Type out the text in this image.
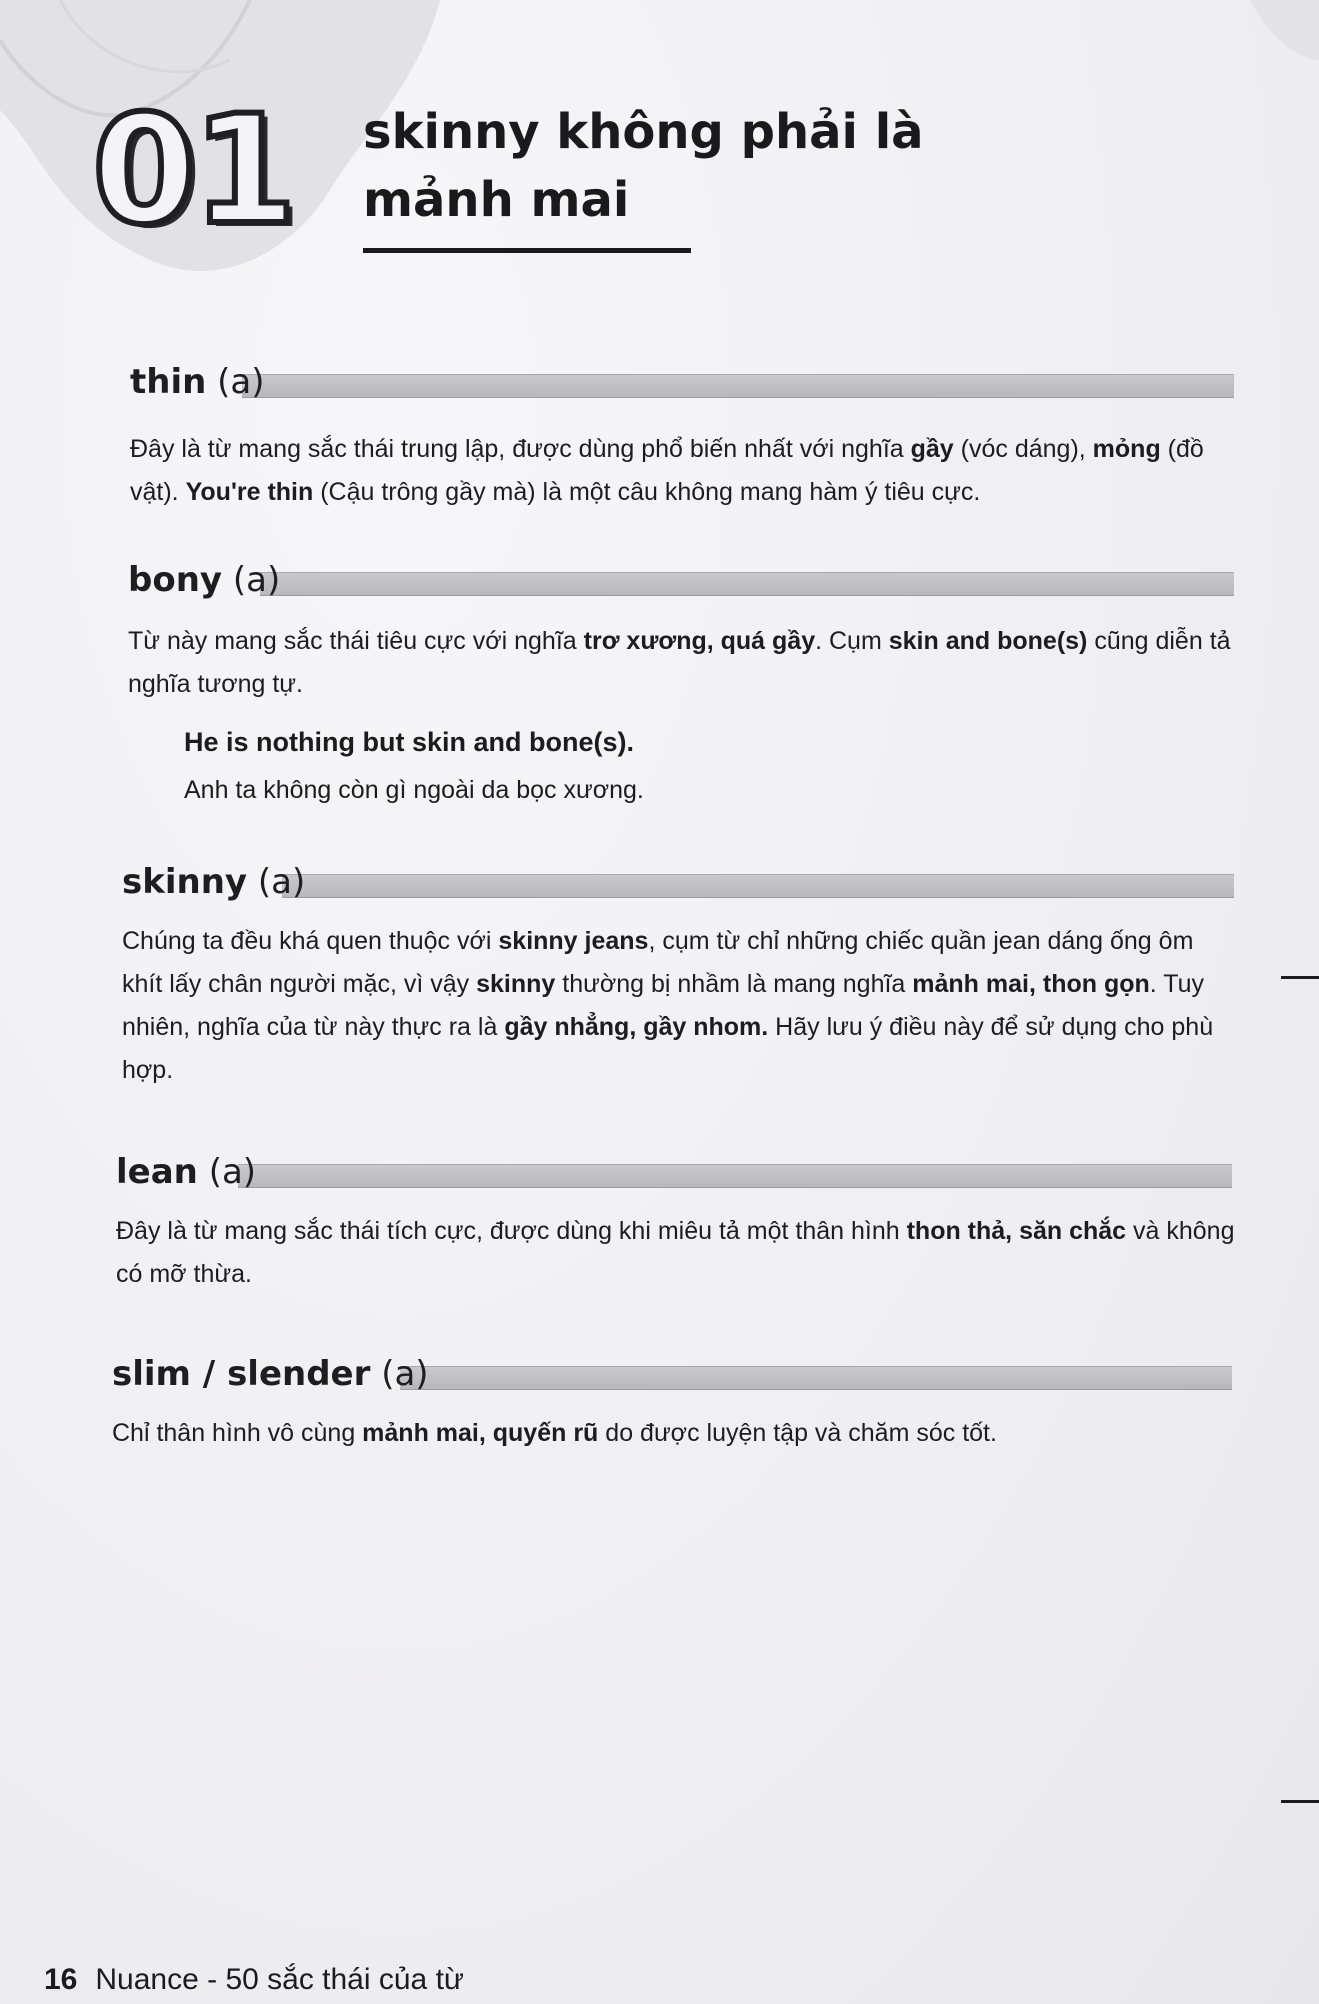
01 skinny không phải là
mảnh mai
thin (a)
Đây là từ mang sắc thái trung lập, được dùng phổ biến nhất với nghĩa gầy (vóc dáng), mỏng (đồ vật). You're thin (Cậu trông gầy mà) là một câu không mang hàm ý tiêu cực.
bony (a)
Từ này mang sắc thái tiêu cực với nghĩa trơ xương, quá gầy. Cụm skin and bone(s) cũng diễn tả nghĩa tương tự.
He is nothing but skin and bone(s).
Anh ta không còn gì ngoài da bọc xương.
skinny (a)
Chúng ta đều khá quen thuộc với skinny jeans, cụm từ chỉ những chiếc quần jean dáng ống ôm khít lấy chân người mặc, vì vậy skinny thường bị nhầm là mang nghĩa mảnh mai, thon gọn. Tuy nhiên, nghĩa của từ này thực ra là gầy nhẳng, gầy nhom. Hãy lưu ý điều này để sử dụng cho phù hợp.
lean (a)
Đây là từ mang sắc thái tích cực, được dùng khi miêu tả một thân hình thon thả, săn chắc và không có mỡ thừa.
slim / slender (a)
Chỉ thân hình vô cùng mảnh mai, quyến rũ do được luyện tập và chăm sóc tốt.
16 Nuance - 50 sắc thái của từ
